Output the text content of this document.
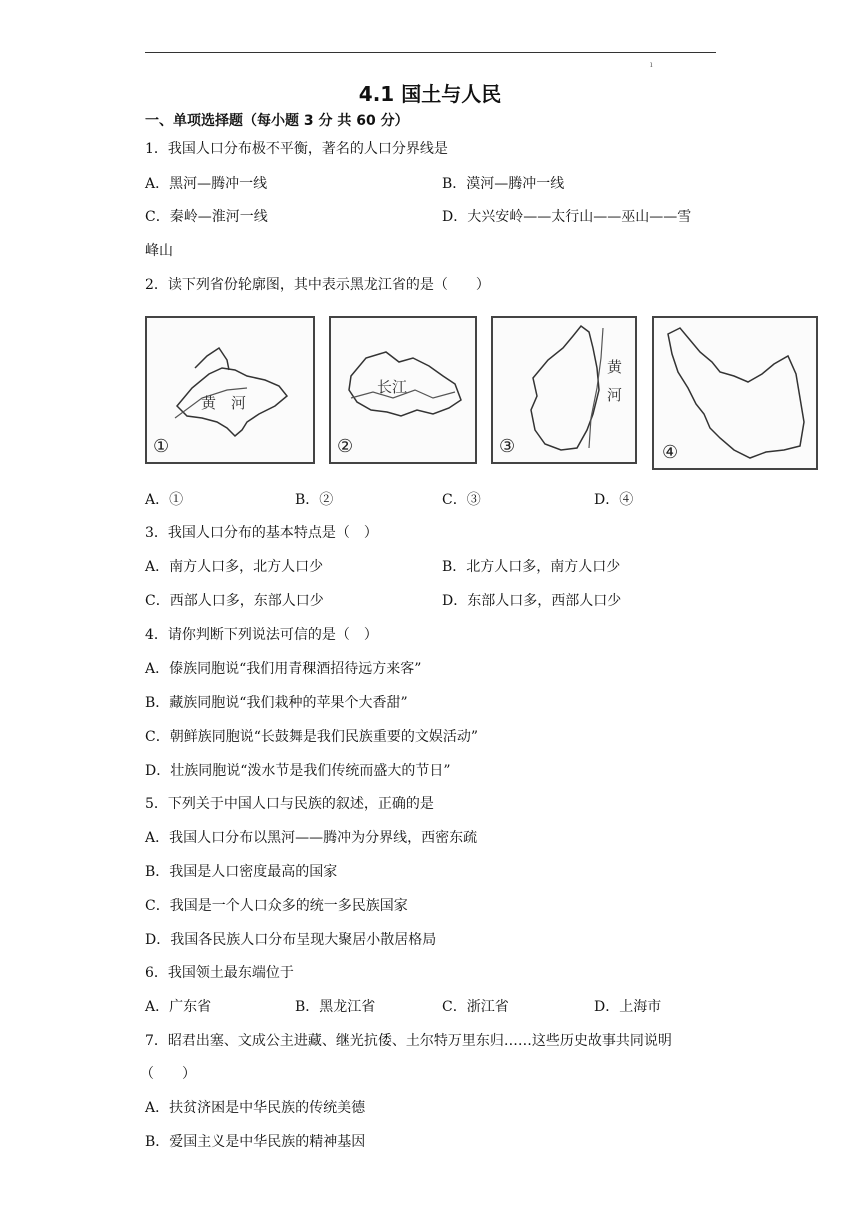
ı
4.1 国土与人民
一、单项选择题（每小题 3 分 共 60 分）
1．我国人口分布极不平衡，著名的人口分界线是
A．黑河—腾冲一线	B．漠河—腾冲一线
C．秦岭—淮河一线	D．大兴安岭——太行山——巫山——雪
峰山
2．读下列省份轮廓图，其中表示黑龙江省的是（　　）
黄　河
①
长江
②
黄
河
③	④
A．①	B．②	C．③	D．④
3．我国人口分布的基本特点是（　）
A．南方人口多，北方人口少	B．北方人口多，南方人口少
C．西部人口多，东部人口少	D．东部人口多，西部人口少
4．请你判断下列说法可信的是（　）
A．傣族同胞说“我们用青稞酒招待远方来客”
B．藏族同胞说“我们栽种的苹果个大香甜”
C．朝鲜族同胞说“长鼓舞是我们民族重要的文娱活动”
D．壮族同胞说“泼水节是我们传统而盛大的节日”
5．下列关于中国人口与民族的叙述，正确的是
A．我国人口分布以黑河——腾冲为分界线，西密东疏
B．我国是人口密度最高的国家
C．我国是一个人口众多的统一多民族国家
D．我国各民族人口分布呈现大聚居小散居格局
6．我国领土最东端位于
A．广东省	B．黑龙江省	C．浙江省	D．上海市
7．昭君出塞、文成公主进藏、继光抗倭、土尔特万里东归……这些历史故事共同说明
（　　）
A．扶贫济困是中华民族的传统美德
B．爱国主义是中华民族的精神基因
